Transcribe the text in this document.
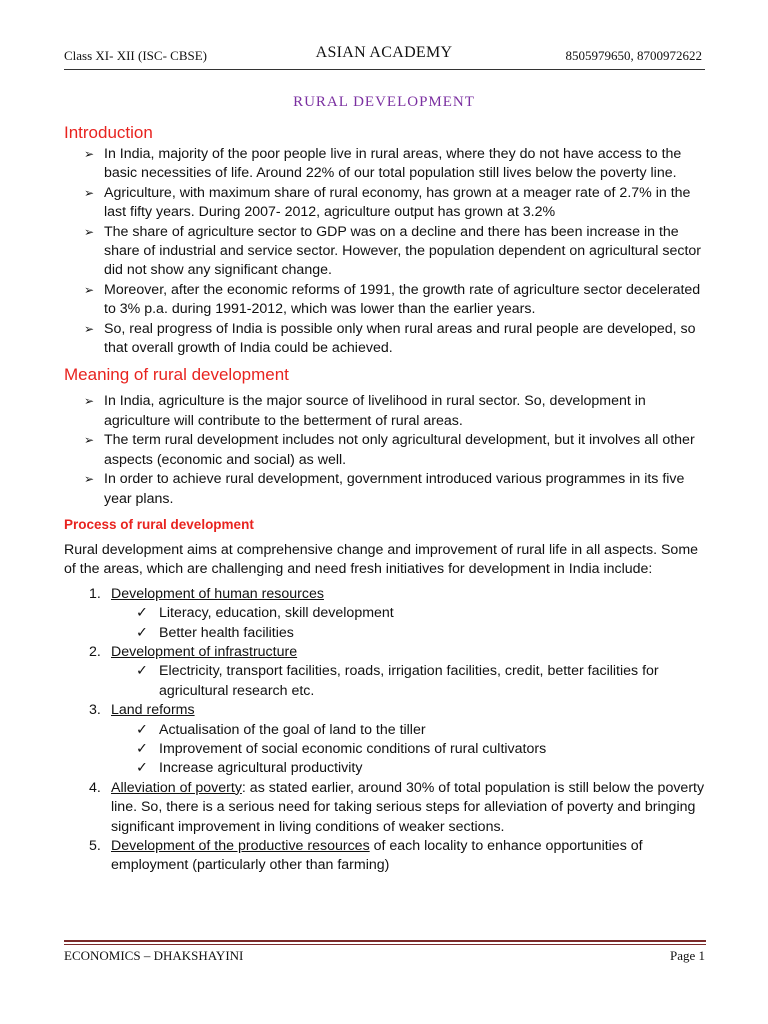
Class XI- XII (ISC- CBSE)	ASIAN ACADEMY	8505979650, 8700972622
RURAL DEVELOPMENT
Introduction
➢ In India, majority of the poor people live in rural areas, where they do not have access to the basic necessities of life. Around 22% of our total population still lives below the poverty line.
➢ Agriculture, with maximum share of rural economy, has grown at a meager rate of 2.7% in the last fifty years. During 2007- 2012, agriculture output has grown at 3.2%
➢ The share of agriculture sector to GDP was on a decline and there has been increase in the share of industrial and service sector. However, the population dependent on agricultural sector did not show any significant change.
➢ Moreover, after the economic reforms of 1991, the growth rate of agriculture sector decelerated to 3% p.a. during 1991-2012, which was lower than the earlier years.
➢ So, real progress of India is possible only when rural areas and rural people are developed, so that overall growth of India could be achieved.
Meaning of rural development
➢ In India, agriculture is the major source of livelihood in rural sector. So, development in agriculture will contribute to the betterment of rural areas.
➢ The term rural development includes not only agricultural development, but it involves all other aspects (economic and social) as well.
➢ In order to achieve rural development, government introduced various programmes in its five year plans.
Process of rural development

Rural development aims at comprehensive change and improvement of rural life in all aspects. Some of the areas, which are challenging and need fresh initiatives for development in India include:

1. Development of human resources
✓ Literacy, education, skill development
✓ Better health facilities
2. Development of infrastructure
✓ Electricity, transport facilities, roads, irrigation facilities, credit, better facilities for agricultural research etc.
3. Land reforms
✓ Actualisation of the goal of land to the tiller
✓ Improvement of social economic conditions of rural cultivators
✓ Increase agricultural productivity
4. Alleviation of poverty: as stated earlier, around 30% of total population is still below the poverty line. So, there is a serious need for taking serious steps for alleviation of poverty and bringing significant improvement in living conditions of weaker sections.
5. Development of the productive resources of each locality to enhance opportunities of employment (particularly other than farming)
ECONOMICS – DHAKSHAYINI	Page 1
